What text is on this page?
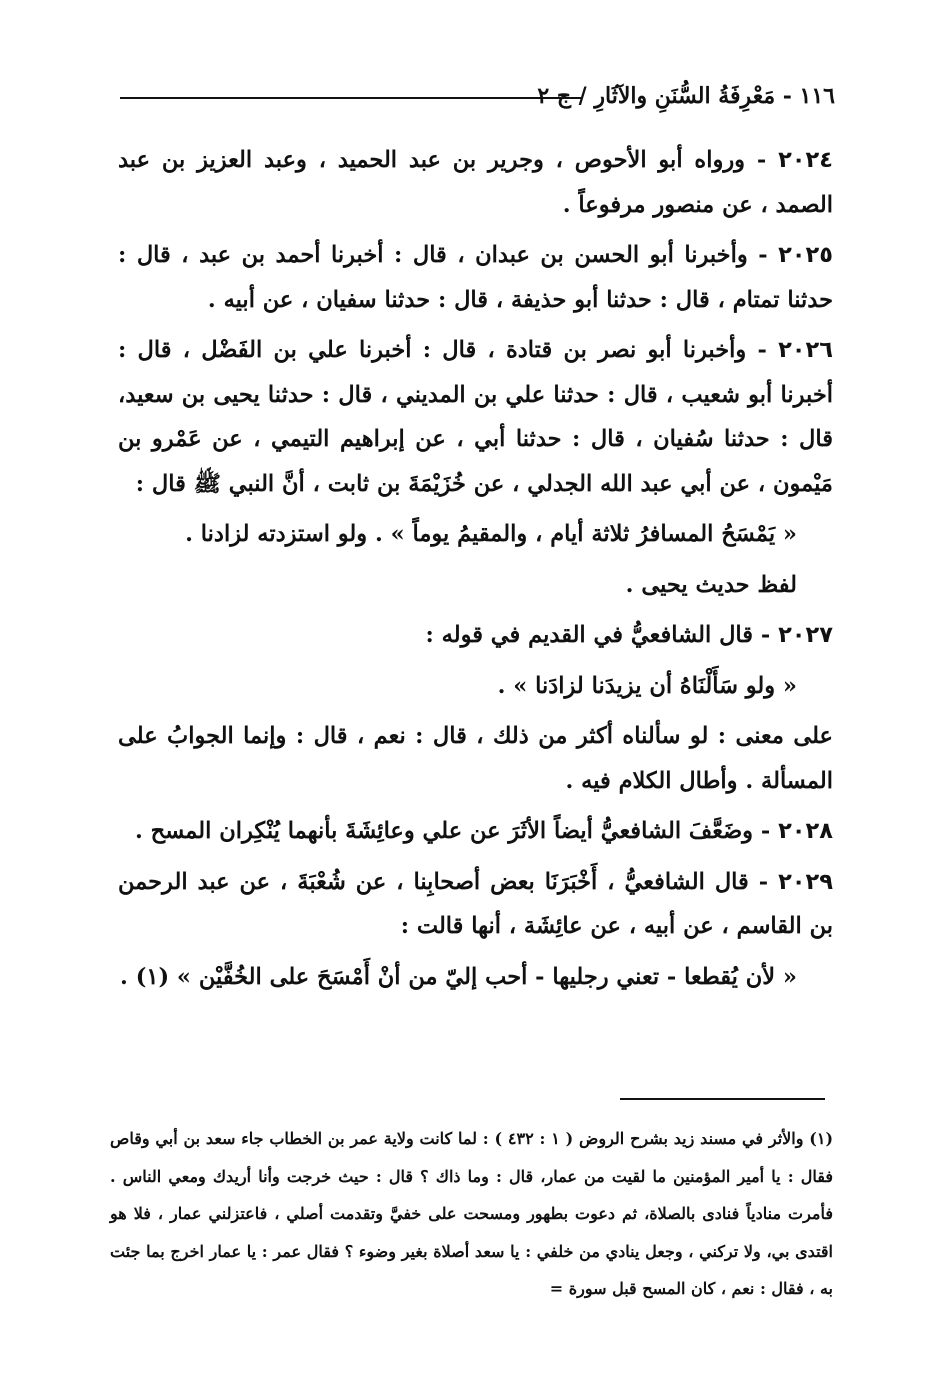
١١٦ - مَعْرِفَةُ السُّنَنِ والآثَارِ / ج ٢

٢٠٢٤ - ورواه أبو الأحوص ، وجرير بن عبد الحميد ، وعبد العزيز بن عبد الصمد ، عن منصور مرفوعاً .

٢٠٢٥ - وأخبرنا أبو الحسن بن عبدان ، قال : أخبرنا أحمد بن عبد ، قال : حدثنا تمتام ، قال : حدثنا أبو حذيفة ، قال : حدثنا سفيان ، عن أبيه .

٢٠٢٦ - وأخبرنا أبو نصر بن قتادة ، قال : أخبرنا علي بن الفَضْل ، قال : أخبرنا أبو شعيب ، قال : حدثنا علي بن المديني ، قال : حدثنا يحيى بن سعيد، قال : حدثنا سُفيان ، قال : حدثنا أبي ، عن إبراهيم التيمي ، عن عَمْرو بن مَيْمون ، عن أبي عبد الله الجدلي ، عن خُزَيْمَةَ بن ثابت ، أنَّ النبي ﷺ قال :

« يَمْسَحُ المسافرُ ثلاثة أيام ، والمقيمُ يوماً » . ولو استزدته لزادنا .

لفظ حديث يحيى .

٢٠٢٧ - قال الشافعيُّ في القديم في قوله :

« ولو سَأَلْنَاهُ أن يزيدَنا لزادَنا » .

على معنى : لو سألناه أكثر من ذلك ، قال : نعم ، قال : وإنما الجوابُ على المسألة . وأطال الكلام فيه .

٢٠٢٨ - وضَعَّفَ الشافعيُّ أيضاً الأثَرَ عن علي وعائِشَةَ بأنهما يُنْكِران المسح .

٢٠٢٩ - قال الشافعيُّ ، أَخْبَرَنَا بعض أصحابِنا ، عن شُعْبَةَ ، عن عبد الرحمن بن القاسم ، عن أبيه ، عن عائِشَة ، أنها قالت :

« لأن يُقطعا - تعني رجليها - أحب إليّ من أنْ أَمْسَحَ على الخُفَّيْن » (١) .

(١) والأثر في مسند زيد بشرح الروض ( ١ : ٤٣٢ ) : لما كانت ولاية عمر بن الخطاب جاء سعد بن أبي وقاص فقال : يا أمير المؤمنين ما لقيت من عمار، قال : وما ذاك ؟ قال : حيث خرجت وأنا أريدك ومعي الناس . فأمرت منادياً فنادى بالصلاة، ثم دعوت بطهور ومسحت على خفيَّ وتقدمت أصلي ، فاعتزلني عمار ، فلا هو اقتدى بي، ولا تركني ، وجعل ينادي من خلفي : يا سعد أصلاة بغير وضوء ؟ فقال عمر : يا عمار اخرج بما جئت به ، فقال : نعم ، كان المسح قبل سورة =
